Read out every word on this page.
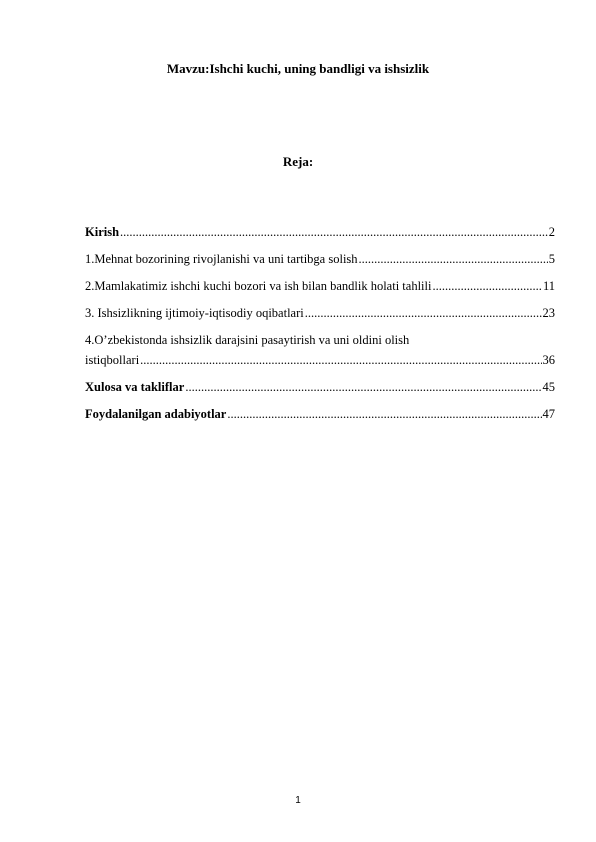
Mavzu:Ishchi kuchi, uning bandligi va ishsizlik

Reja:

Kirish .....	2
1.Mehnat bozorining rivojlanishi va uni tartibga solish .....	5
2.Mamlakatimiz ishchi kuchi bozori va ish bilan bandlik holati tahlili .....	11
3. Ishsizlikning ijtimoiy-iqtisodiy oqibatlari .....	23
4.O’zbekistonda ishsizlik darajsini pasaytirish va uni oldini olish
istiqbollari .....	36
Xulosa va takliflar .....	45
Foydalanilgan adabiyotlar .....	47
1
